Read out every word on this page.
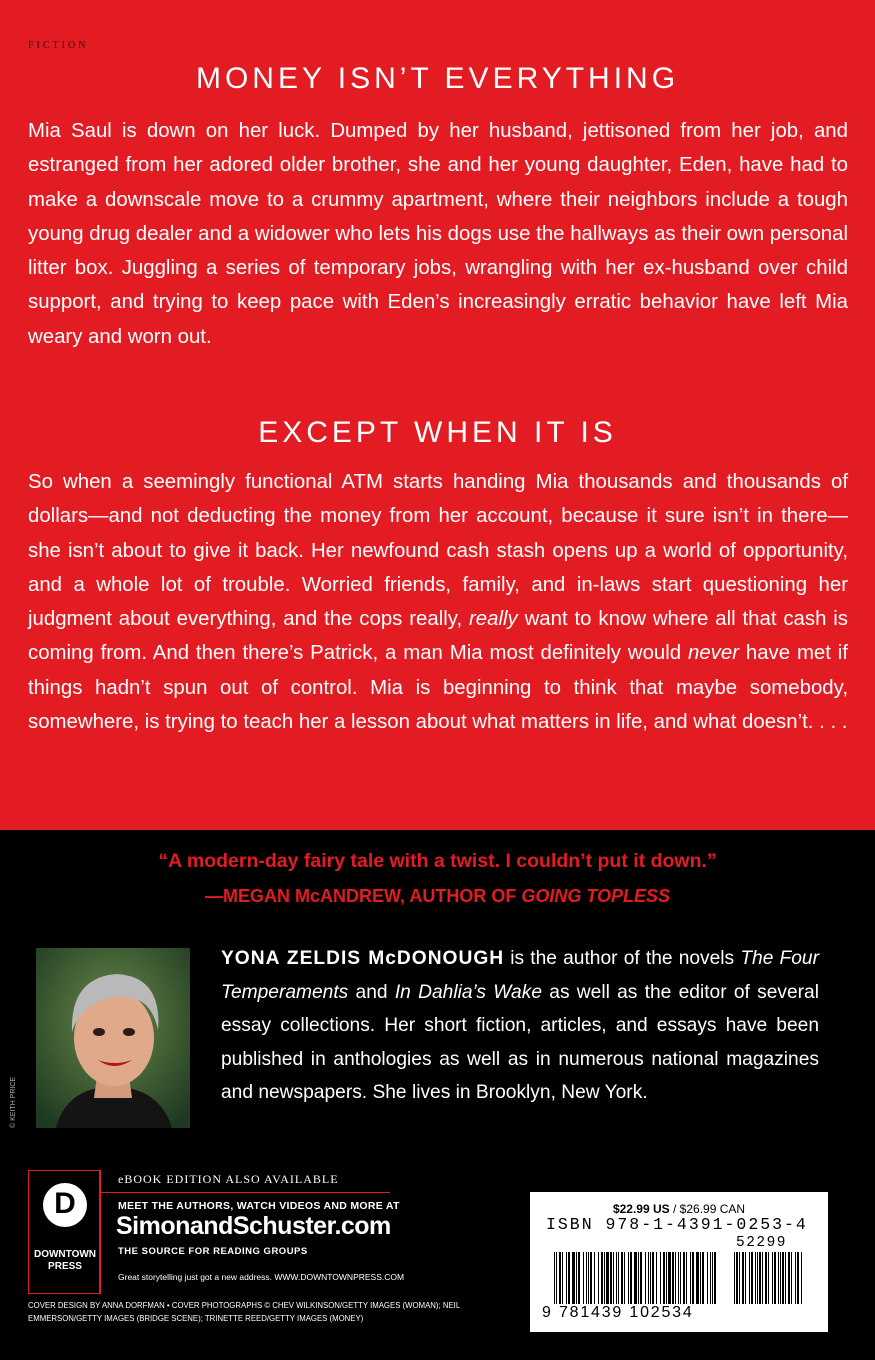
FICTION
MONEY ISN’T EVERYTHING

Mia Saul is down on her luck. Dumped by her husband, jettisoned from her job, and estranged from her adored older brother, she and her young daughter, Eden, have had to make a downscale move to a crummy apartment, where their neighbors include a tough young drug dealer and a widower who lets his dogs use the hallways as their own personal litter box. Juggling a series of temporary jobs, wrangling with her ex-husband over child support, and trying to keep pace with Eden’s increasingly erratic behavior have left Mia weary and worn out.

EXCEPT WHEN IT IS

So when a seemingly functional ATM starts handing Mia thousands and thousands of dollars—and not deducting the money from her account, because it sure isn’t in there—she isn’t about to give it back. Her newfound cash stash opens up a world of opportunity, and a whole lot of trouble. Worried friends, family, and in-laws start questioning her judgment about everything, and the cops really, really want to know where all that cash is coming from. And then there’s Patrick, a man Mia most definitely would never have met if things hadn’t spun out of control. Mia is beginning to think that maybe somebody, somewhere, is trying to teach her a lesson about what matters in life, and what doesn’t. . . .

“A modern-day fairy tale with a twist. I couldn’t put it down.”

—MEGAN McANDREW, AUTHOR OF GOING TOPLESS

© KEITH PRICE

YONA ZELDIS McDONOUGH is the author of the novels The Four Temperaments and In Dahlia’s Wake as well as the editor of several essay collections. Her short fiction, articles, and essays have been published in anthologies as well as in numerous national magazines and newspapers. She lives in Brooklyn, New York.

D
DOWNTOWN
PRESS
eBOOK EDITION ALSO AVAILABLE
MEET THE AUTHORS, WATCH VIDEOS AND MORE AT
SimonandSchuster.com
THE SOURCE FOR READING GROUPS
Great storytelling just got a new address. WWW.DOWNTOWNPRESS.COM

COVER DESIGN BY ANNA DORFMAN • COVER PHOTOGRAPHS © CHEV WILKINSON/GETTY IMAGES (WOMAN); NEIL EMMERSON/GETTY IMAGES (BRIDGE SCENE); TRINETTE REED/GETTY IMAGES (MONEY)

$22.99 US / $26.99 CAN
ISBN 978-1-4391-0253-4
52299
9 781439 102534
